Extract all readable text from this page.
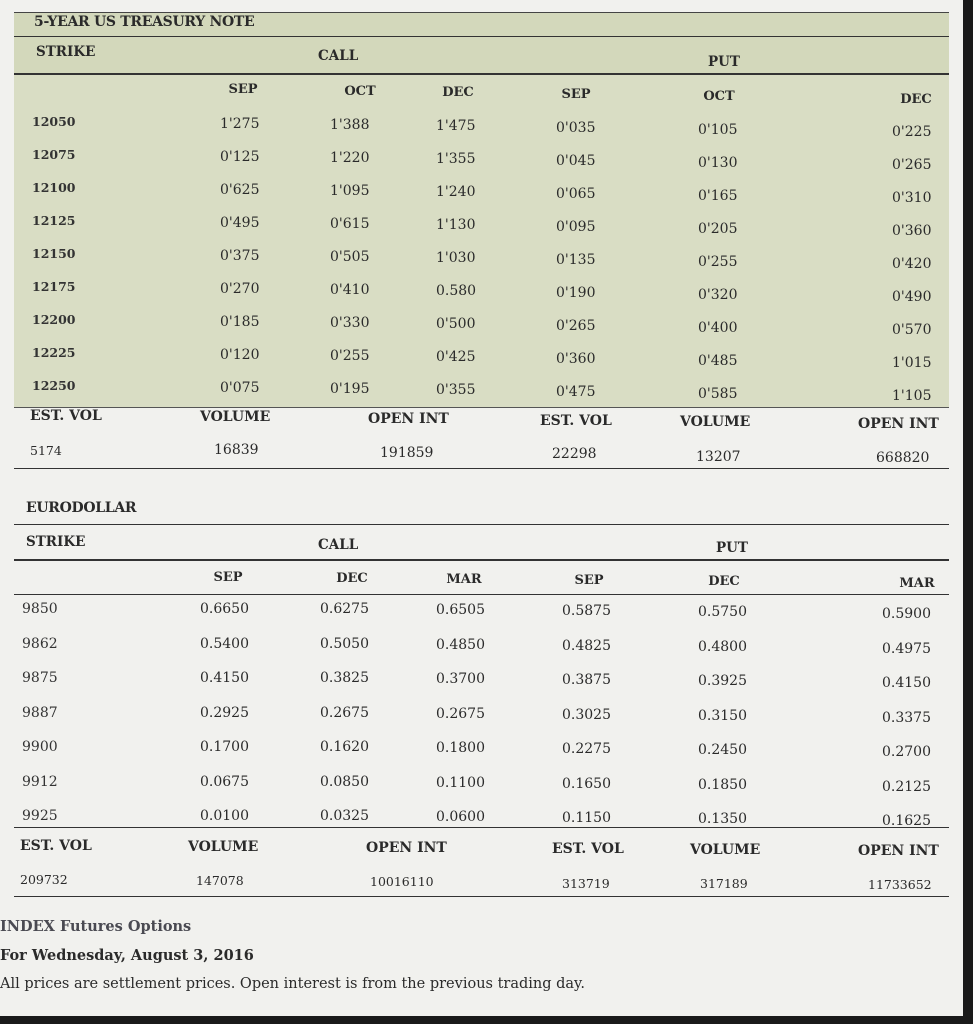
5-YEAR US TREASURY NOTE
STRIKE	CALL	PUT
SEP	OCT	DEC	SEP	OCT	DEC
12050	1'275	1'388	1'475	0'035	0'105	0'225
12075	0'125	1'220	1'355	0'045	0'130	0'265
12100	0'625	1'095	1'240	0'065	0'165	0'310
12125	0'495	0'615	1'130	0'095	0'205	0'360
12150	0'375	0'505	1'030	0'135	0'255	0'420
12175	0'270	0'410	0.580	0'190	0'320	0'490
12200	0'185	0'330	0'500	0'265	0'400	0'570
12225	0'120	0'255	0'425	0'360	0'485	1'015
12250	0'075	0'195	0'355	0'475	0'585	1'105
EST. VOL	VOLUME	OPEN INT	EST. VOL	VOLUME	OPEN INT
5174	16839	191859	22298	13207	668820
EURODOLLAR
STRIKE	CALL	PUT
SEP	DEC	MAR	SEP	DEC	MAR
9850	0.6650	0.6275	0.6505	0.5875	0.5750	0.5900
9862	0.5400	0.5050	0.4850	0.4825	0.4800	0.4975
9875	0.4150	0.3825	0.3700	0.3875	0.3925	0.4150
9887	0.2925	0.2675	0.2675	0.3025	0.3150	0.3375
9900	0.1700	0.1620	0.1800	0.2275	0.2450	0.2700
9912	0.0675	0.0850	0.1100	0.1650	0.1850	0.2125
9925	0.0100	0.0325	0.0600	0.1150	0.1350	0.1625
EST. VOL	VOLUME	OPEN INT	EST. VOL	VOLUME	OPEN INT
209732	147078	10016110	313719	317189	11733652
INDEX Futures Options
For Wednesday, August 3, 2016
All prices are settlement prices. Open interest is from the previous trading day.
